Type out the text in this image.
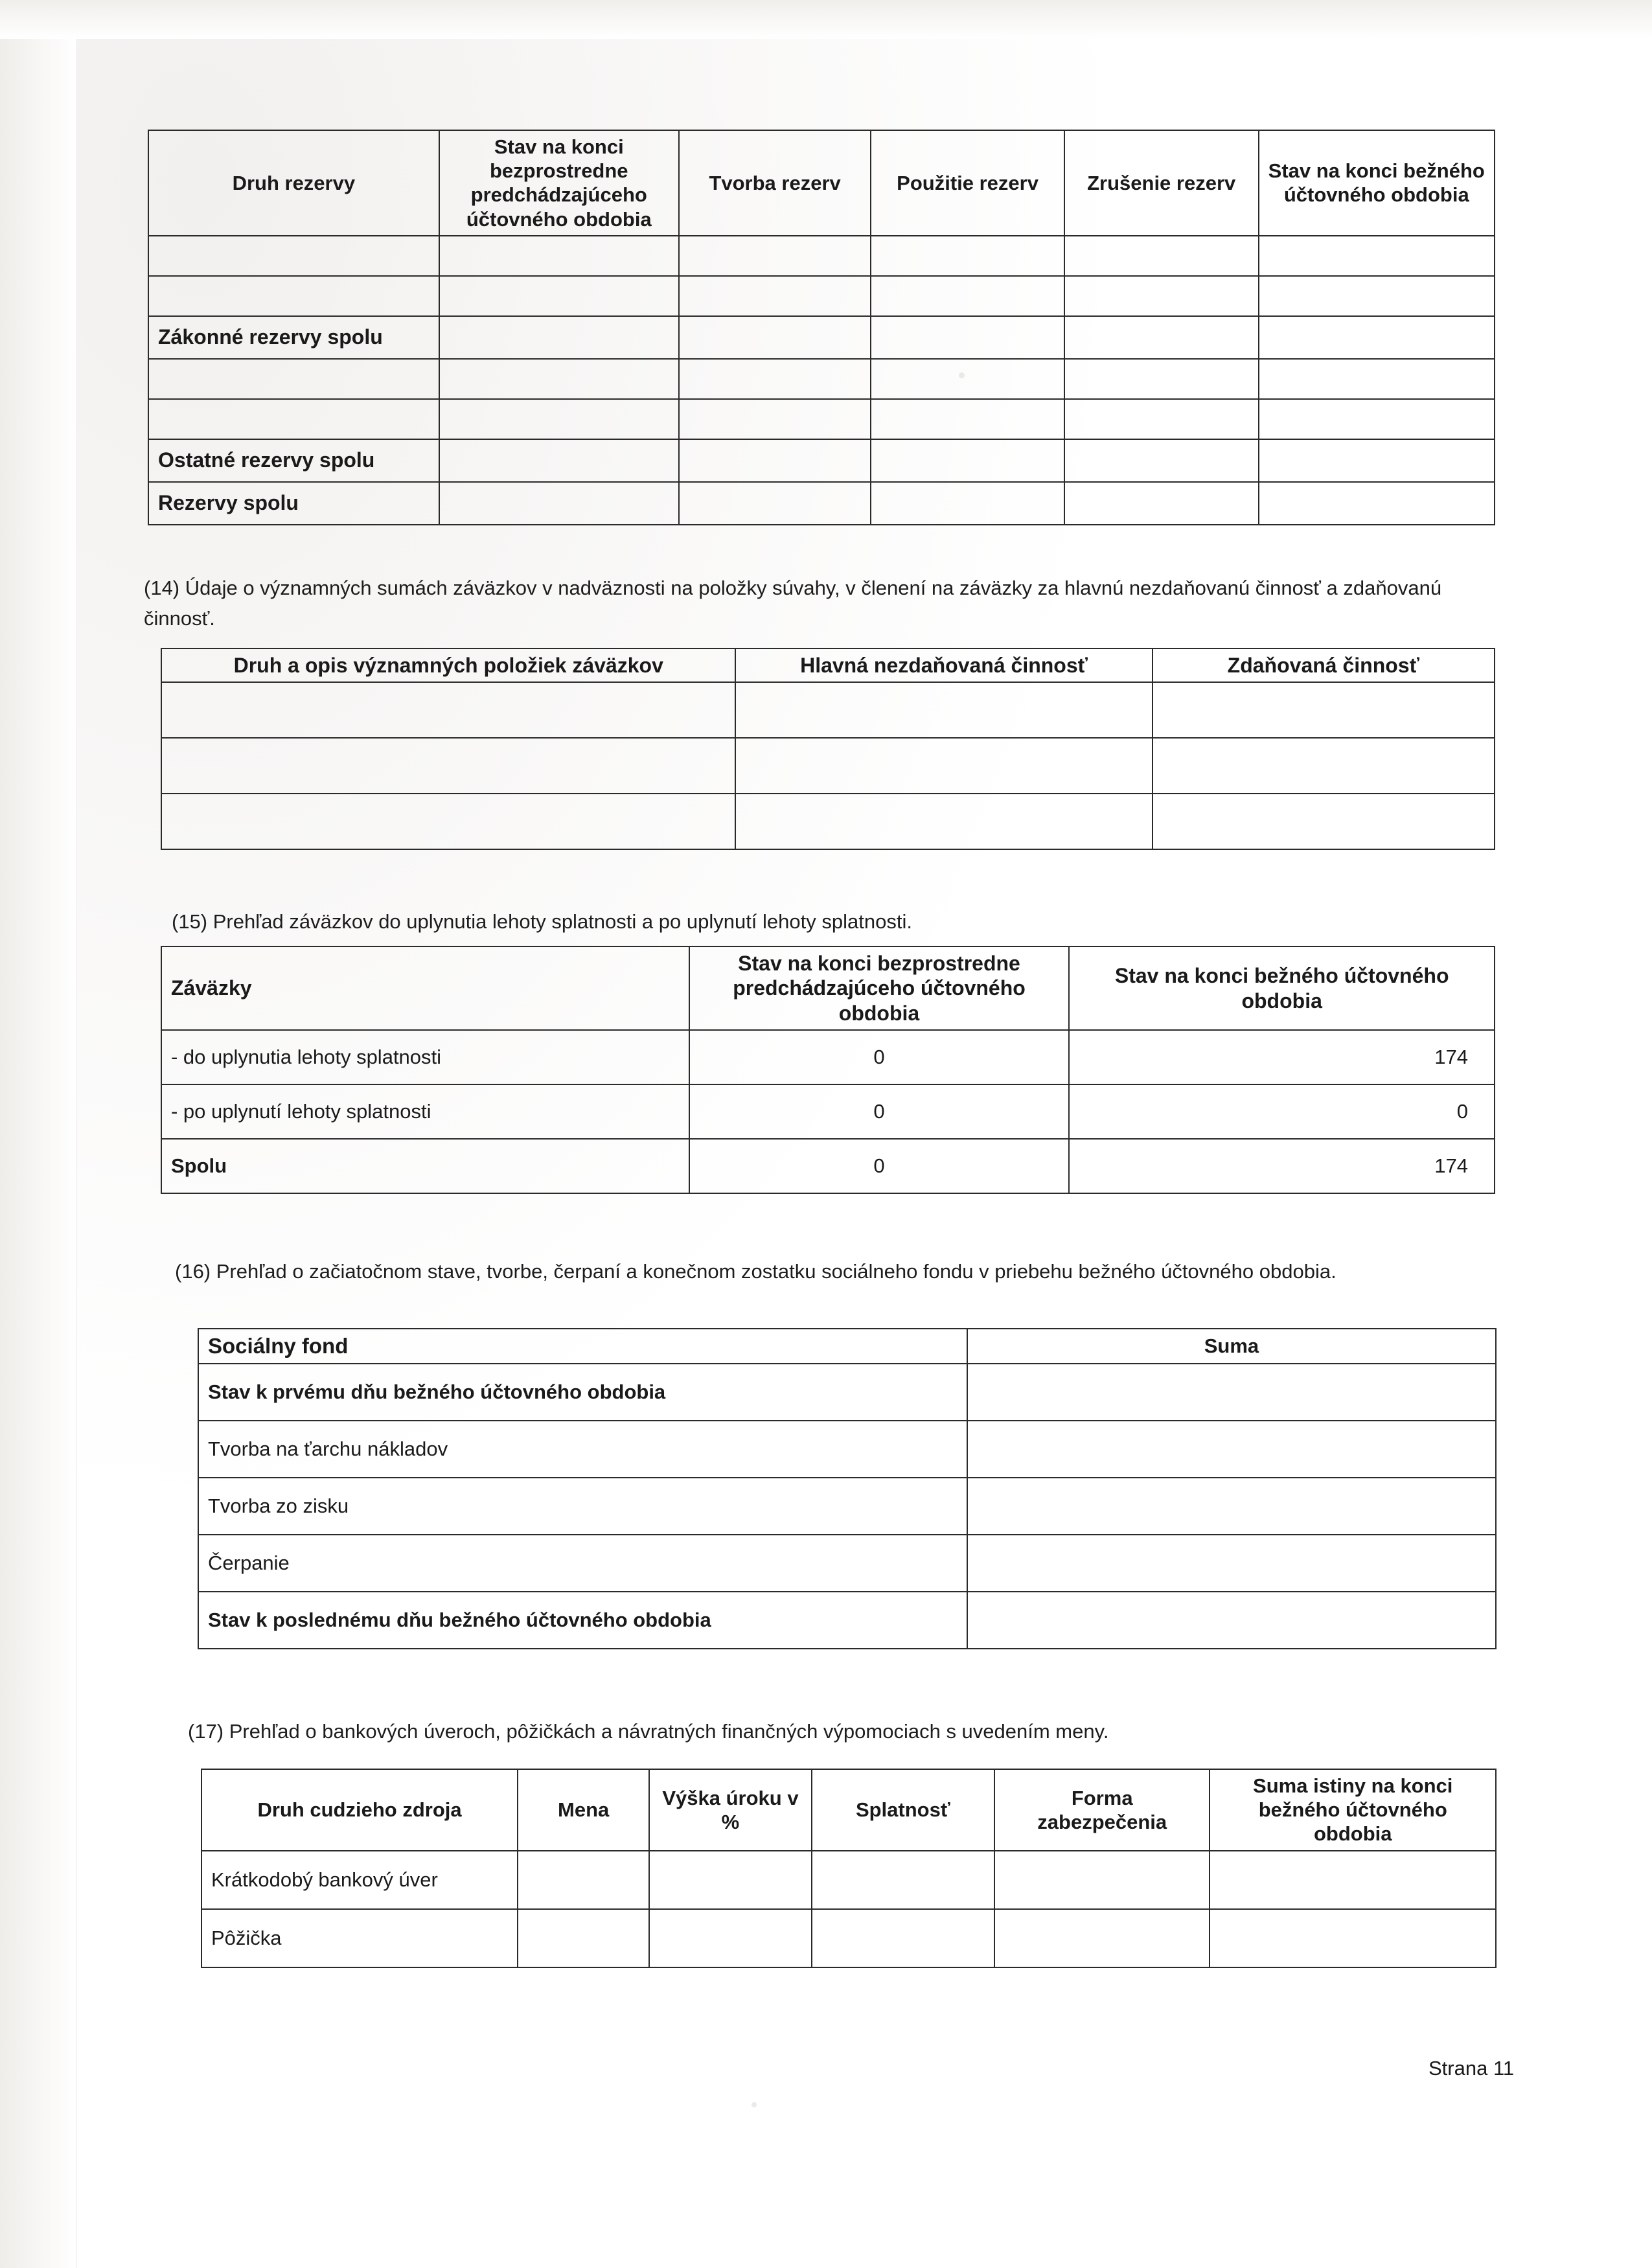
Druh rezervy	Stav na konci bezprostredne predchádzajúceho účtovného obdobia	Tvorba rezerv	Použitie rezerv	Zrušenie rezerv	Stav na konci bežného účtovného obdobia

Zákonné rezervy spolu					

Ostatné rezervy spolu					
Rezervy spolu					
(14) Údaje o významných sumách záväzkov v nadväznosti na položky súvahy, v členení na záväzky za hlavnú nezdaňovanú činnosť a zdaňovanú činnosť.
Druh a opis významných položiek záväzkov	Hlavná nezdaňovaná činnosť	Zdaňovaná činnosť

(15) Prehľad záväzkov do uplynutia lehoty splatnosti a po uplynutí lehoty splatnosti.
Záväzky	Stav na konci bezprostredne predchádzajúceho účtovného obdobia	Stav na konci bežného účtovného obdobia
- do uplynutia lehoty splatnosti	0	174
- po uplynutí lehoty splatnosti	0	0
Spolu	0	174
(16) Prehľad o začiatočnom stave, tvorbe, čerpaní a konečnom zostatku sociálneho fondu v priebehu bežného účtovného obdobia.
Sociálny fond	Suma
Stav k prvému dňu bežného účtovného obdobia	
Tvorba na ťarchu nákladov	
Tvorba zo zisku	
Čerpanie	
Stav k poslednému dňu bežného účtovného obdobia	
(17) Prehľad o bankových úveroch, pôžičkách a návratných finančných výpomociach s uvedením meny.
Druh cudzieho zdroja	Mena	Výška úroku v %	Splatnosť	Forma zabezpečenia	Suma istiny na konci bežného účtovného obdobia
Krátkodobý bankový úver					
Pôžička					
Strana 11
